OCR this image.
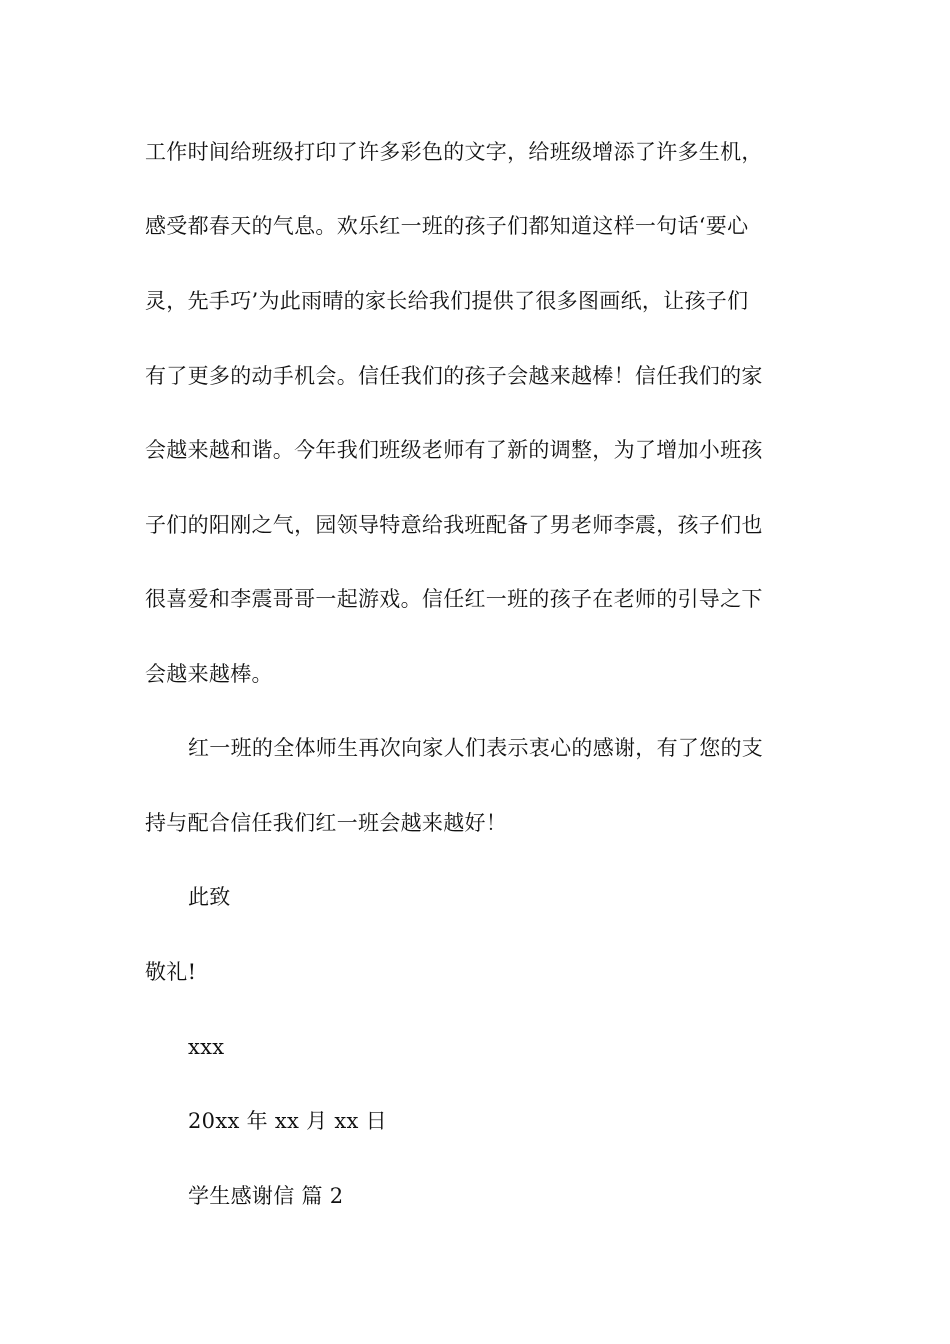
工作时间给班级打印了许多彩色的文字，给班级增添了许多生机，
感受都春天的气息。欢乐红一班的孩子们都知道这样一句话‘要心
灵，先手巧’为此雨晴的家长给我们提供了很多图画纸，让孩子们
有了更多的动手机会。信任我们的孩子会越来越棒！信任我们的家
会越来越和谐。今年我们班级老师有了新的调整，为了增加小班孩
子们的阳刚之气，园领导特意给我班配备了男老师李震，孩子们也
很喜爱和李震哥哥一起游戏。信任红一班的孩子在老师的引导之下
会越来越棒。
红一班的全体师生再次向家人们表示衷心的感谢，有了您的支
持与配合信任我们红一班会越来越好！
此致
敬礼!
xxx
20xx 年 xx 月 xx 日
学生感谢信 篇 2
